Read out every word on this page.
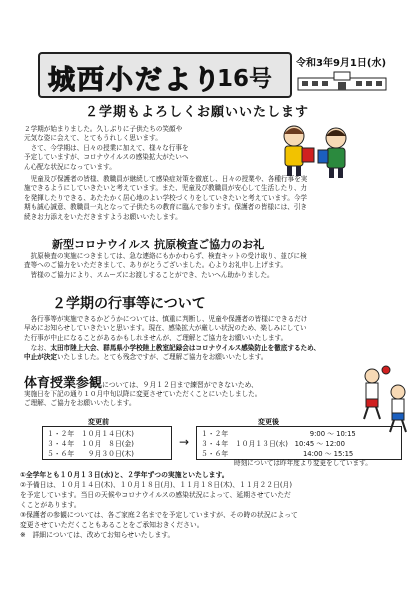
城西小だより
16号
令和3年9月1日(水)
２学期もよろしくお願いいたします

２学期が始まりました。久しぶりに子供たちの笑顔や
元気な姿に会えて、とてもうれしく思います。
　さて、今学期は、日々の授業に加えて、様々な行事を
予定していますが、コロナウイルスの感染拡大がたいへ
ん心配な状況になっています。

　児童及び保護者の皆様、教職員が継続して感染症対策を徹底し、日々の授業や、各種行事を実
施できるようにしていきたいと考えています。また、児童及び教職員が安心して生活したり、力
を発揮したりできる、あたたかく居心地のよい学校づくりをしていきたいと考えています。今学
期も誠心誠意、教職員一丸となって子供たちの教育に臨んで参ります。保護者の皆様には、引き
続きお力添えをいただきますようお願いいたします。

新型コロナウイルス 抗原検査ご協力のお礼

　抗原検査の実施につきましては、急な連絡にもかかわらず、検査キットの受け取り、並びに検
査等へのご協力をいただきまして、ありがとうございました。心よりお礼申し上げます。
　皆様のご協力により、スムーズにお渡しすることができ、たいへん助かりました。

２学期の行事等について

　各行事等が実施できるかどうかについては、慎重に判断し、児童や保護者の皆様にできるだけ
早めにお知らせしていきたいと思います。現在、感染拡大が厳しい状況のため、楽しみにしてい
た行事が中止になることがあるかもしれませんが、ご理解とご協力をお願いいたします。

　なお、太田市陸上大会、群馬県小学校陸上教室記録会はコロナウイルス感染防止を徹底するため、
中止が決定いたしました。とても残念ですが、ご理解ご協力をお願いいたします。

体育授業参観については、９月１２日まで練習ができないため、

実施日を下記の通り１０月中旬以降に変更させていただくことにいたしました。
ご理解、ご協力をお願いいたします。

変更前
１・２年　１０月１４日(木)
３・４年　１０月　８日(金)
５・６年　　９月３０日(木)
→
変更後
１・２年　　　　　　　　　　　　9:00 ～ 10:15
３・４年　１０月１３日(水)　10:45 ～ 12:00
５・６年　　　　　　　　　　　14:00 ～ 15:15
時刻については昨年度より変更をしています。

①全学年とも１０月１３日(水)と、２学年ずつの実施といたします。

②予備日は、１０月１４日(木)、１０月１８日(月)、１１月１８日(木)、１１月２２日(月)
を予定しています。当日の天候やコロナウイルスの感染状況によって、延期させていただ
くことがあります。

③保護者の参観については、各ご家庭２名までを予定していますが、その時の状況によって
変更させていただくこともあることをご承知おきください。
※　詳細については、改めてお知らせいたします。
